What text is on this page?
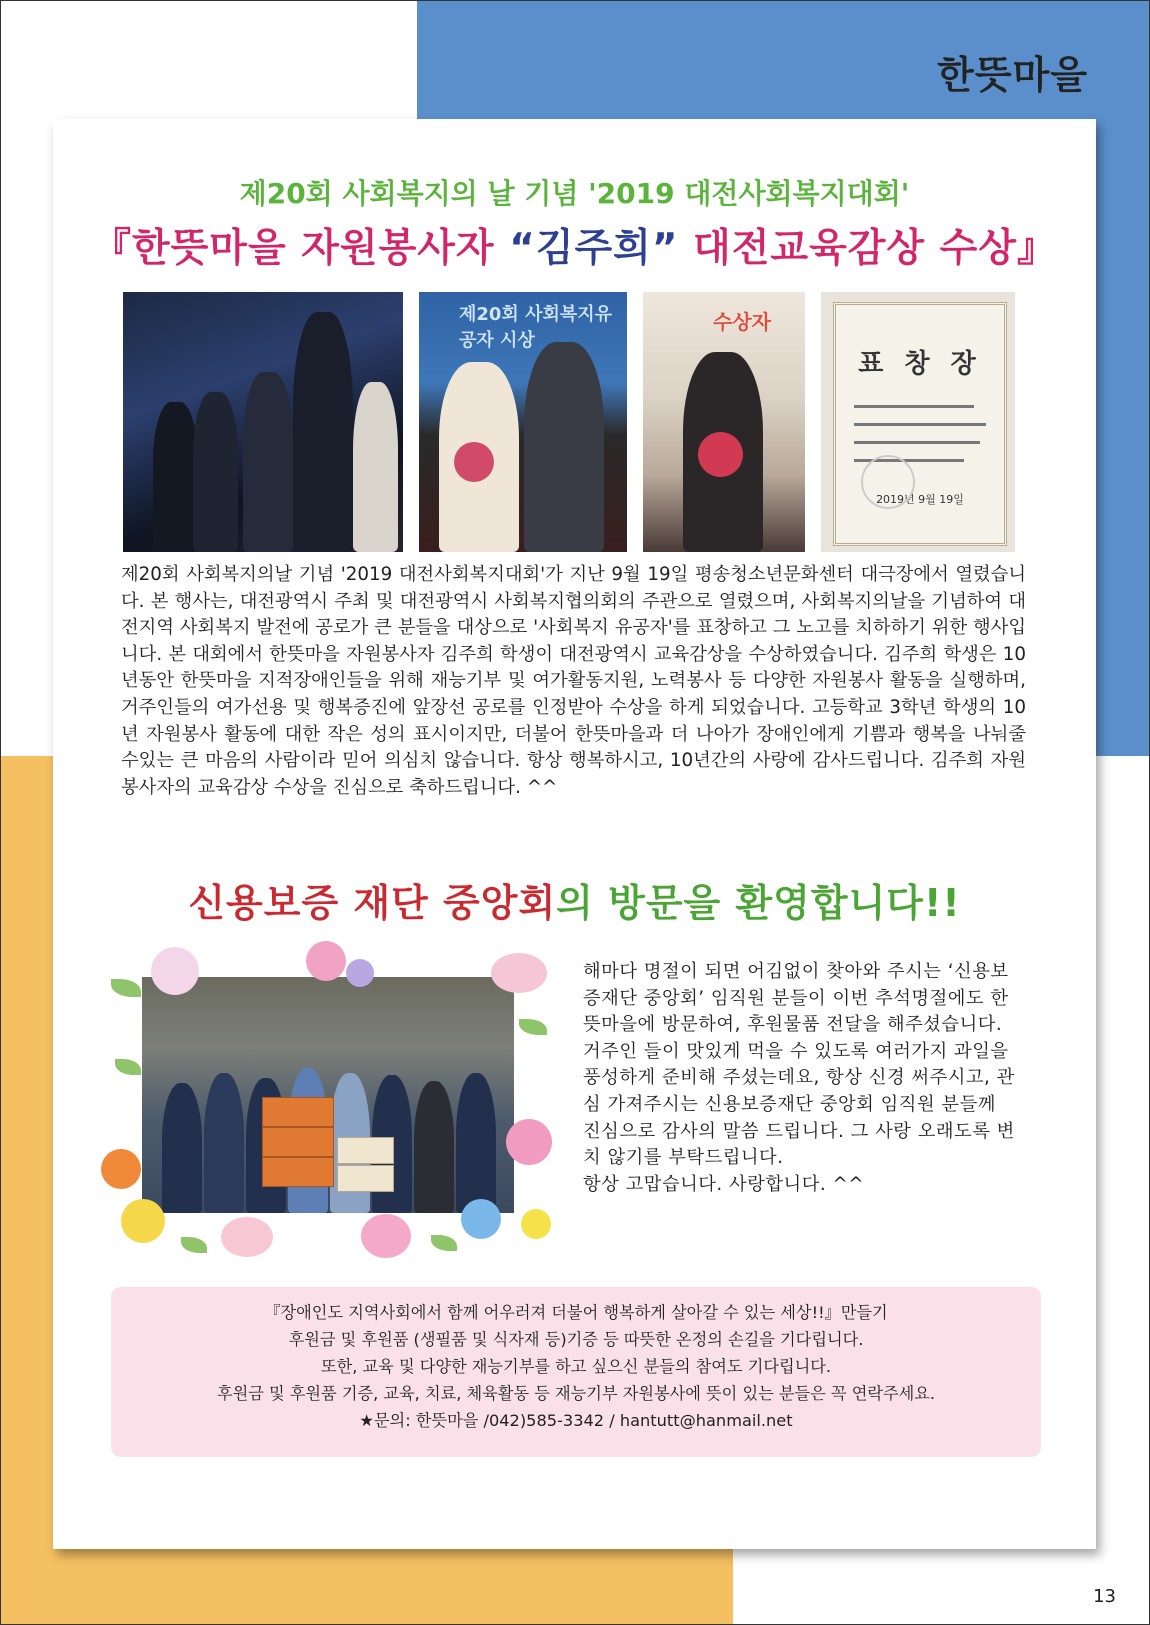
한뜻마을
제20회 사회복지의 날 기념 '2019 대전사회복지대회'
『한뜻마을 자원봉사자 “김주희” 대전교육감상 수상』
제20회 사회복지유공자 시상
수상자
표 창 장
2019년 9월 19일
제20회 사회복지의날 기념 '2019 대전사회복지대회'가 지난 9월 19일 평송청소년문화센터 대극장에서 열렸습니다. 본 행사는, 대전광역시 주최 및 대전광역시 사회복지협의회의 주관으로 열렸으며, 사회복지의날을 기념하여 대전지역 사회복지 발전에 공로가 큰 분들을 대상으로 '사회복지 유공자'를 표창하고 그 노고를 치하하기 위한 행사입니다. 본 대회에서 한뜻마을 자원봉사자 김주희 학생이 대전광역시 교육감상을 수상하였습니다. 김주희 학생은 10년동안 한뜻마을 지적장애인들을 위해 재능기부 및 여가활동지원, 노력봉사 등 다양한 자원봉사 활동을 실행하며, 거주인들의 여가선용 및 행복증진에 앞장선 공로를 인정받아 수상을 하게 되었습니다. 고등학교 3학년 학생의 10년 자원봉사 활동에 대한 작은 성의 표시이지만, 더불어 한뜻마을과 더 나아가 장애인에게 기쁨과 행복을 나눠줄 수있는 큰 마음의 사람이라 믿어 의심치 않습니다. 항상 행복하시고, 10년간의 사랑에 감사드립니다. 김주희 자원봉사자의 교육감상 수상을 진심으로 축하드립니다. ^^
신용보증 재단 중앙회의 방문을 환영합니다!!
해마다 명절이 되면 어김없이 찾아와 주시는 ‘신용보증재단 중앙회’ 임직원 분들이 이번 추석명절에도 한뜻마을에 방문하여, 후원물품 전달을 해주셨습니다. 거주인 들이 맛있게 먹을 수 있도록 여러가지 과일을 풍성하게 준비해 주셨는데요, 항상 신경 써주시고, 관심 가져주시는 신용보증재단 중앙회 임직원 분들께 진심으로 감사의 말씀 드립니다. 그 사랑 오래도록 변치 않기를 부탁드립니다.
항상 고맙습니다. 사랑합니다. ^^
『장애인도 지역사회에서 함께 어우러져 더불어 행복하게 살아갈 수 있는 세상!!』만들기
후원금 및 후원품 (생필품 및 식자재 등)기증 등 따뜻한 온정의 손길을 기다립니다.
또한, 교육 및 다양한 재능기부를 하고 싶으신 분들의 참여도 기다립니다.
후원금 및 후원품 기증, 교육, 치료, 체육활동 등 재능기부 자원봉사에 뜻이 있는 분들은 꼭 연락주세요.
★문의: 한뜻마을 /042)585-3342 / hantutt@hanmail.net
13
